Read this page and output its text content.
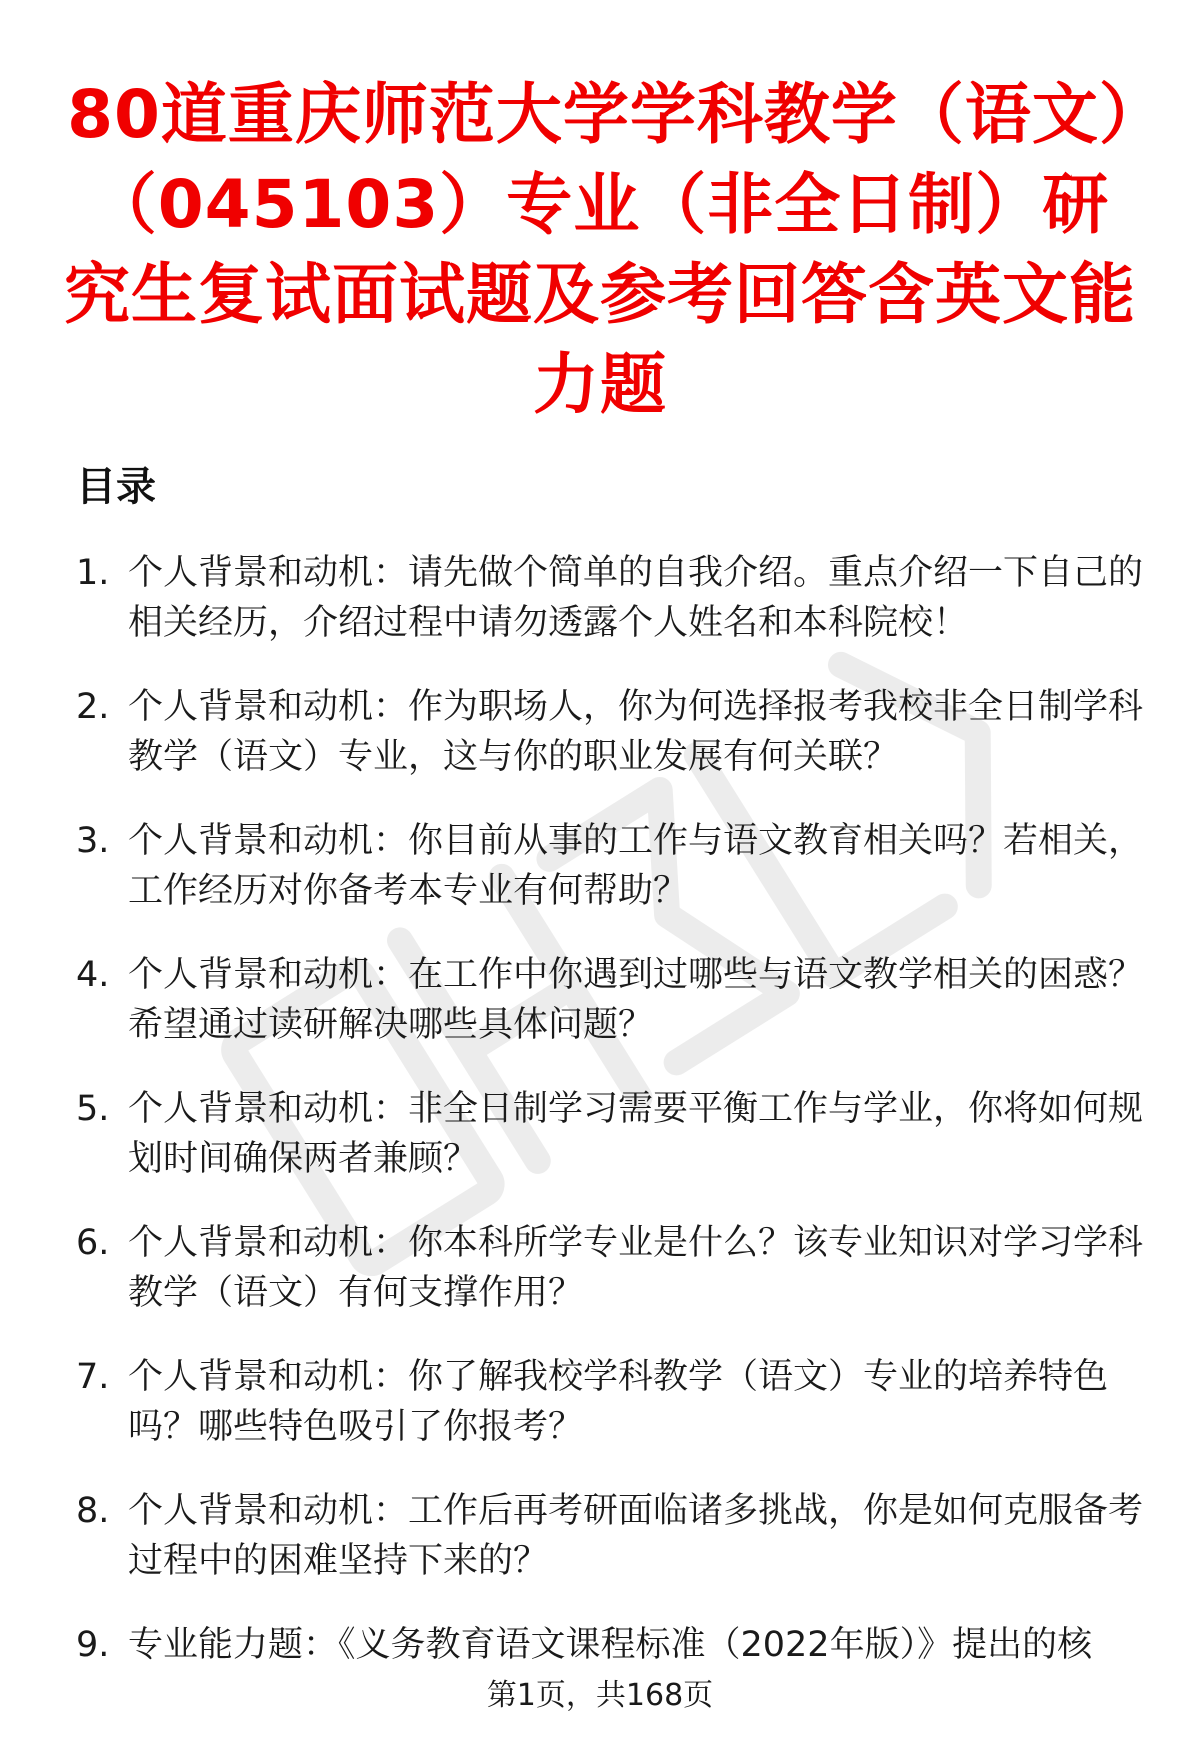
80道重庆师范大学学科教学（语文）（045103）专业（非全日制）研究生复试面试题及参考回答含英文能力题
目录
1. 个人背景和动机：请先做个简单的自我介绍。重点介绍一下自己的相关经历，介绍过程中请勿透露个人姓名和本科院校！
2. 个人背景和动机：作为职场人，你为何选择报考我校非全日制学科教学（语文）专业，这与你的职业发展有何关联？
3. 个人背景和动机：你目前从事的工作与语文教育相关吗？若相关，工作经历对你备考本专业有何帮助？
4. 个人背景和动机：在工作中你遇到过哪些与语文教学相关的困惑？希望通过读研解决哪些具体问题？
5. 个人背景和动机：非全日制学习需要平衡工作与学业，你将如何规划时间确保两者兼顾？
6. 个人背景和动机：你本科所学专业是什么？该专业知识对学习学科教学（语文）有何支撑作用？
7. 个人背景和动机：你了解我校学科教学（语文）专业的培养特色吗？哪些特色吸引了你报考？
8. 个人背景和动机：工作后再考研面临诸多挑战，你是如何克服备考过程中的困难坚持下来的？
9. 专业能力题：《义务教育语文课程标准（2022年版）》提出的核
第1页，共168页
